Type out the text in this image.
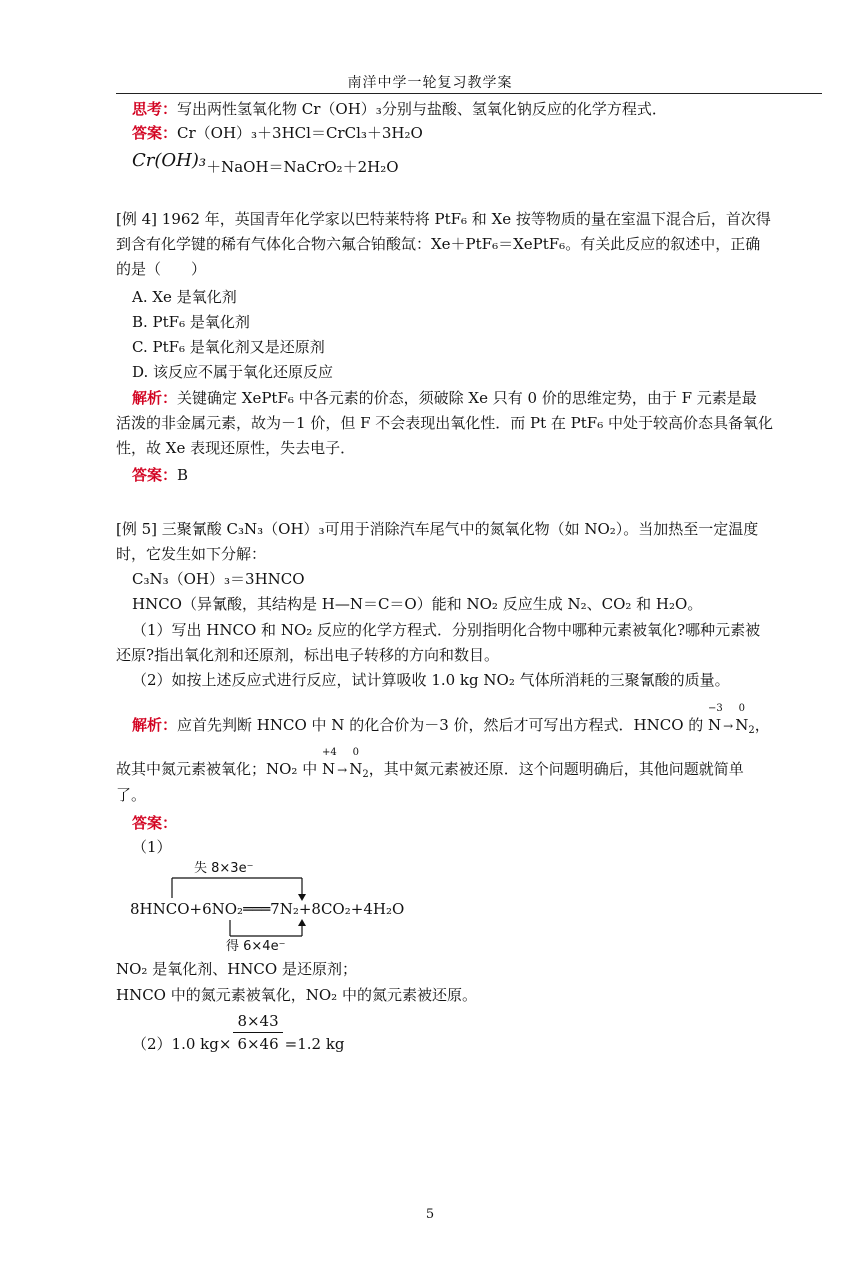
南洋中学一轮复习教学案
思考：写出两性氢氧化物 Cr（OH）₃分别与盐酸、氢氧化钠反应的化学方程式．
答案：Cr（OH）₃＋3HCl＝CrCl₃＋3H₂O
Cr(OH)₃＋NaOH＝NaCrO₂＋2H₂O
[例 4] 1962 年，英国青年化学家以巴特莱特将 PtF₆ 和 Xe 按等物质的量在室温下混合后，首次得
到含有化学键的稀有气体化合物六氟合铂酸氙：Xe＋PtF₆＝XePtF₆。有关此反应的叙述中，正确
的是（　　）
A. Xe 是氧化剂
B. PtF₆ 是氧化剂
C. PtF₆ 是氧化剂又是还原剂
D. 该反应不属于氧化还原反应
解析：关键确定 XePtF₆ 中各元素的价态，须破除 Xe 只有 0 价的思维定势，由于 F 元素是最
活泼的非金属元素，故为－1 价，但 F 不会表现出氧化性．而 Pt 在 PtF₆ 中处于较高价态具备氧化
性，故 Xe 表现还原性，失去电子．
答案：B
[例 5] 三聚氰酸 C₃N₃（OH）₃可用于消除汽车尾气中的氮氧化物（如 NO₂）。当加热至一定温度
时，它发生如下分解：
C₃N₃（OH）₃＝3HNCO
HNCO（异氰酸，其结构是 H—N＝C＝O）能和 NO₂ 反应生成 N₂、CO₂ 和 H₂O。
（1）写出 HNCO 和 NO₂ 反应的化学方程式．分别指明化合物中哪种元素被氧化?哪种元素被
还原?指出氧化剂和还原剂，标出电子转移的方向和数目。
（2）如按上述反应式进行反应，试计算吸收 1.0 kg NO₂ 气体所消耗的三聚氰酸的质量。
解析：应首先判断 HNCO 中 N 的化合价为－3 价，然后才可写出方程式．HNCO 的
−3
N →
0
$N_2$，
故其中氮元素被氧化；NO₂ 中
+4
N →
0
$N_2$，其中氮元素被还原．这个问题明确后，其他问题就简单
了。
答案：
（1）
失 8×3e⁻
8HNCO+6NO₂═══7N₂+8CO₂+4H₂O
得 6×4e⁻
NO₂ 是氧化剂、HNCO 是还原剂；
HNCO 中的氮元素被氧化，NO₂ 中的氮元素被还原。
（2）1.0 $kg\times \frac{8\times 43}{6\times 46} =1.2$ kg
5
